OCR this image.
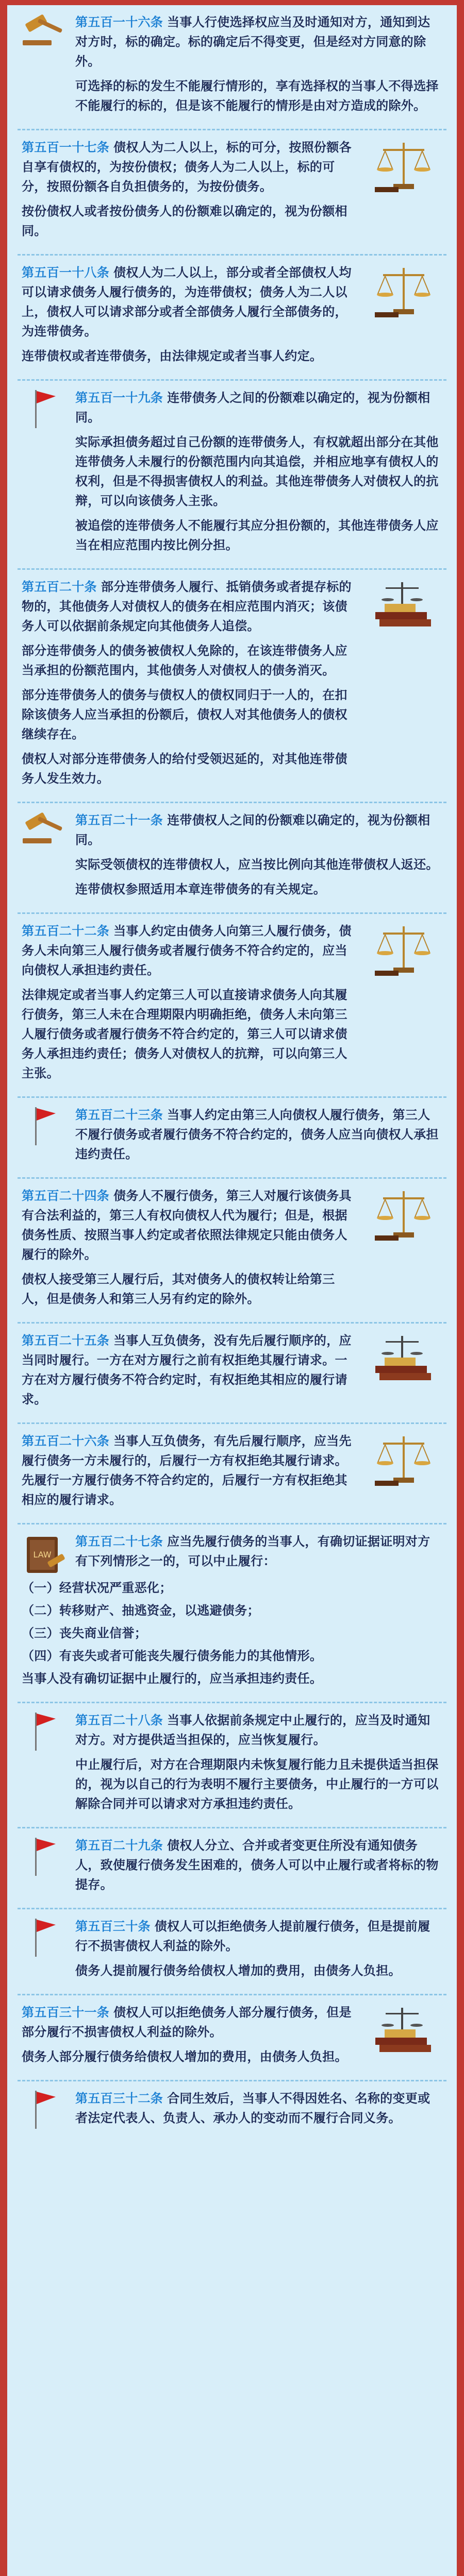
第五百一十六条 当事人行使选择权应当及时通知对方，通知到达对方时，标的确定。标的确定后不得变更，但是经对方同意的除外。

可选择的标的发生不能履行情形的，享有选择权的当事人不得选择不能履行的标的，但是该不能履行的情形是由对方造成的除外。

第五百一十七条 债权人为二人以上，标的可分，按照份额各自享有债权的，为按份债权；债务人为二人以上，标的可分，按照份额各自负担债务的，为按份债务。

按份债权人或者按份债务人的份额难以确定的，视为份额相同。

第五百一十八条 债权人为二人以上，部分或者全部债权人均可以请求债务人履行债务的，为连带债权；债务人为二人以上，债权人可以请求部分或者全部债务人履行全部债务的，为连带债务。

连带债权或者连带债务，由法律规定或者当事人约定。

第五百一十九条 连带债务人之间的份额难以确定的，视为份额相同。

实际承担债务超过自己份额的连带债务人，有权就超出部分在其他连带债务人未履行的份额范围内向其追偿，并相应地享有债权人的权利，但是不得损害债权人的利益。其他连带债务人对债权人的抗辩，可以向该债务人主张。

被追偿的连带债务人不能履行其应分担份额的，其他连带债务人应当在相应范围内按比例分担。

第五百二十条 部分连带债务人履行、抵销债务或者提存标的物的，其他债务人对债权人的债务在相应范围内消灭；该债务人可以依据前条规定向其他债务人追偿。

部分连带债务人的债务被债权人免除的，在该连带债务人应当承担的份额范围内，其他债务人对债权人的债务消灭。

部分连带债务人的债务与债权人的债权同归于一人的，在扣除该债务人应当承担的份额后，债权人对其他债务人的债权继续存在。

债权人对部分连带债务人的给付受领迟延的，对其他连带债务人发生效力。

第五百二十一条 连带债权人之间的份额难以确定的，视为份额相同。

实际受领债权的连带债权人，应当按比例向其他连带债权人返还。

连带债权参照适用本章连带债务的有关规定。

第五百二十二条 当事人约定由债务人向第三人履行债务，债务人未向第三人履行债务或者履行债务不符合约定的，应当向债权人承担违约责任。

法律规定或者当事人约定第三人可以直接请求债务人向其履行债务，第三人未在合理期限内明确拒绝，债务人未向第三人履行债务或者履行债务不符合约定的，第三人可以请求债务人承担违约责任；债务人对债权人的抗辩，可以向第三人主张。

第五百二十三条 当事人约定由第三人向债权人履行债务，第三人不履行债务或者履行债务不符合约定的，债务人应当向债权人承担违约责任。

第五百二十四条 债务人不履行债务，第三人对履行该债务具有合法利益的，第三人有权向债权人代为履行；但是，根据债务性质、按照当事人约定或者依照法律规定只能由债务人履行的除外。

债权人接受第三人履行后，其对债务人的债权转让给第三人，但是债务人和第三人另有约定的除外。

第五百二十五条 当事人互负债务，没有先后履行顺序的，应当同时履行。一方在对方履行之前有权拒绝其履行请求。一方在对方履行债务不符合约定时，有权拒绝其相应的履行请求。

第五百二十六条 当事人互负债务，有先后履行顺序，应当先履行债务一方未履行的，后履行一方有权拒绝其履行请求。先履行一方履行债务不符合约定的，后履行一方有权拒绝其相应的履行请求。

LAW

第五百二十七条 应当先履行债务的当事人，有确切证据证明对方有下列情形之一的，可以中止履行：

（一）经营状况严重恶化；

（二）转移财产、抽逃资金，以逃避债务；

（三）丧失商业信誉；

（四）有丧失或者可能丧失履行债务能力的其他情形。

当事人没有确切证据中止履行的，应当承担违约责任。

第五百二十八条 当事人依据前条规定中止履行的，应当及时通知对方。对方提供适当担保的，应当恢复履行。

中止履行后，对方在合理期限内未恢复履行能力且未提供适当担保的，视为以自己的行为表明不履行主要债务，中止履行的一方可以解除合同并可以请求对方承担违约责任。

第五百二十九条 债权人分立、合并或者变更住所没有通知债务人，致使履行债务发生困难的，债务人可以中止履行或者将标的物提存。

第五百三十条 债权人可以拒绝债务人提前履行债务，但是提前履行不损害债权人利益的除外。

债务人提前履行债务给债权人增加的费用，由债务人负担。

第五百三十一条 债权人可以拒绝债务人部分履行债务，但是部分履行不损害债权人利益的除外。

债务人部分履行债务给债权人增加的费用，由债务人负担。

第五百三十二条 合同生效后，当事人不得因姓名、名称的变更或者法定代表人、负责人、承办人的变动而不履行合同义务。
